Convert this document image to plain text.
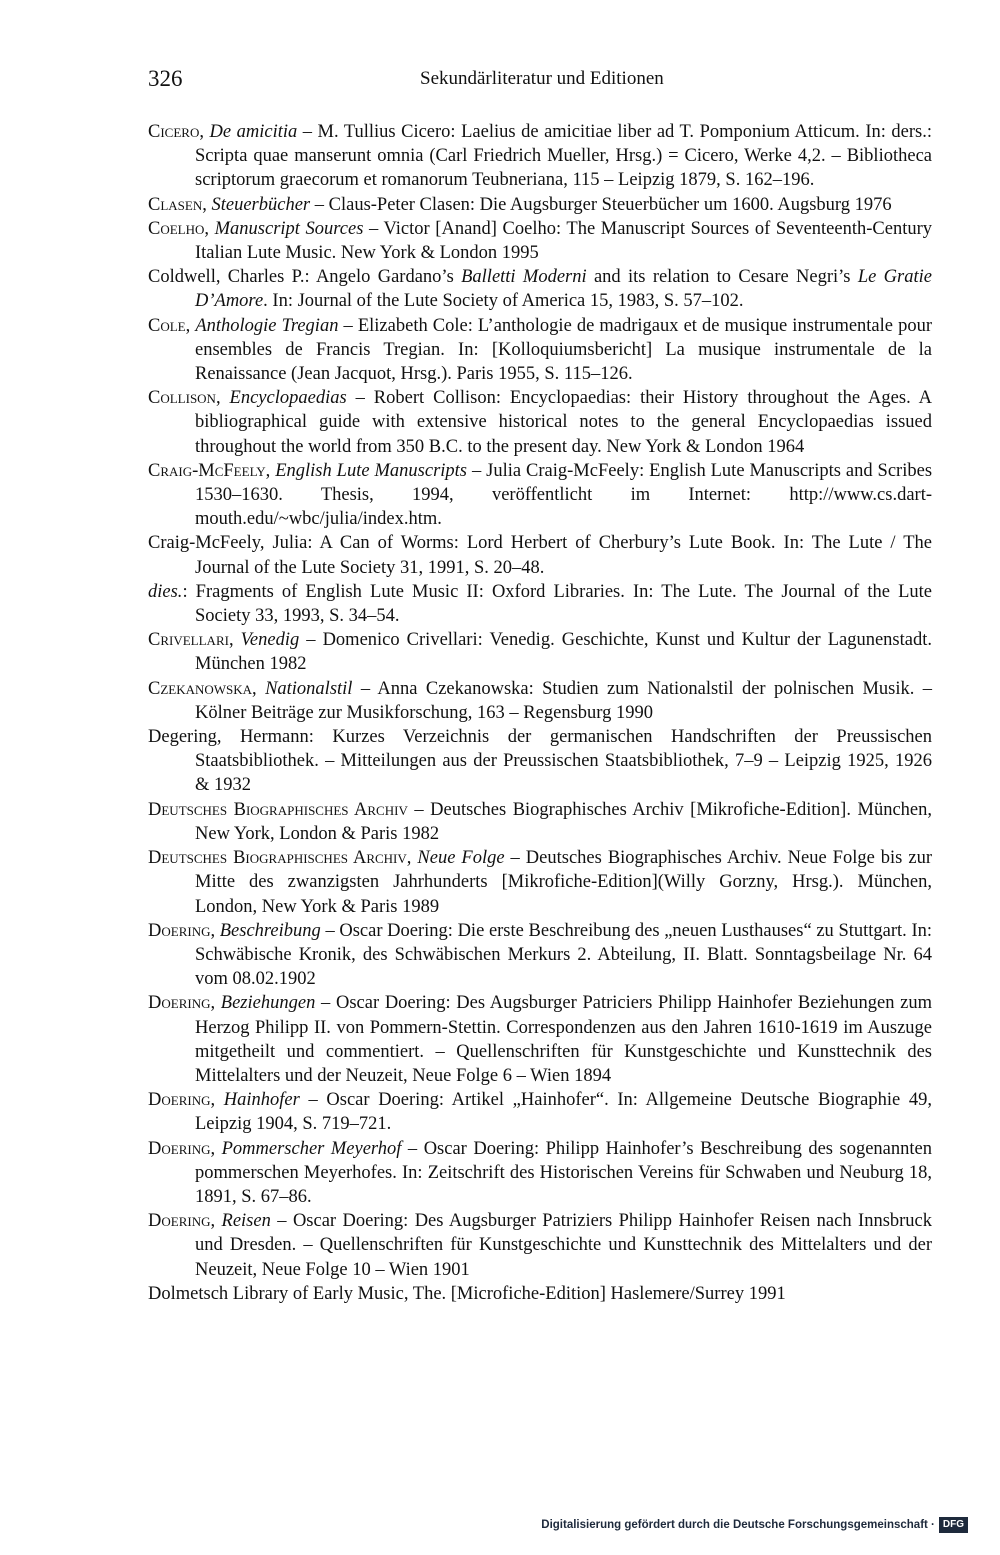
326	Sekundärliteratur und Editionen

Cicero, De amicitia – M. Tullius Cicero: Laelius de amicitiae liber ad T. Pomponium Atticum. In: ders.: Scripta quae manserunt omnia (Carl Friedrich Mueller, Hrsg.) = Cicero, Werke 4,2. – Bibliotheca scriptorum graecorum et romanorum Teubneriana, 115 – Leipzig 1879, S. 162–196.

Clasen, Steuerbücher – Claus-Peter Clasen: Die Augsburger Steuerbücher um 1600. Augsburg 1976

Coelho, Manuscript Sources – Victor [Anand] Coelho: The Manuscript Sources of Seventeenth-Century Italian Lute Music. New York & London 1995

Coldwell, Charles P.: Angelo Gardano’s Balletti Moderni and its relation to Cesare Negri’s Le Gratie D’Amore. In: Journal of the Lute Society of America 15, 1983, S. 57–102.

Cole, Anthologie Tregian – Elizabeth Cole: L’anthologie de madrigaux et de musique instrumentale pour ensembles de Francis Tregian. In: [Kolloquiumsbericht] La musique instrumentale de la Renaissance (Jean Jacquot, Hrsg.). Paris 1955, S. 115–126.

Collison, Encyclopaedias – Robert Collison: Encyclopaedias: their History throughout the Ages. A bibliographical guide with extensive historical notes to the general Encyclopaedias issued throughout the world from 350 B.C. to the present day. New York & London 1964

Craig-McFeely, English Lute Manuscripts – Julia Craig-McFeely: English Lute Manuscripts and Scribes 1530–1630. Thesis, 1994, veröffentlicht im Internet: http://www.cs.dart-mouth.edu/~wbc/julia/index.htm.

Craig-McFeely, Julia: A Can of Worms: Lord Herbert of Cherbury’s Lute Book. In: The Lute / The Journal of the Lute Society 31, 1991, S. 20–48.

dies.: Fragments of English Lute Music II: Oxford Libraries. In: The Lute. The Journal of the Lute Society 33, 1993, S. 34–54.

Crivellari, Venedig – Domenico Crivellari: Venedig. Geschichte, Kunst und Kultur der Lagunenstadt. München 1982

Czekanowska, Nationalstil – Anna Czekanowska: Studien zum Nationalstil der polnischen Musik. – Kölner Beiträge zur Musikforschung, 163 – Regensburg 1990

Degering, Hermann: Kurzes Verzeichnis der germanischen Handschriften der Preussischen Staatsbibliothek. – Mitteilungen aus der Preussischen Staatsbibliothek, 7–9 – Leipzig 1925, 1926 & 1932

Deutsches Biographisches Archiv – Deutsches Biographisches Archiv [Mikrofiche-Edition]. München, New York, London & Paris 1982

Deutsches Biographisches Archiv, Neue Folge – Deutsches Biographisches Archiv. Neue Folge bis zur Mitte des zwanzigsten Jahrhunderts [Mikrofiche-Edition](Willy Gorzny, Hrsg.). München, London, New York & Paris 1989

Doering, Beschreibung – Oscar Doering: Die erste Beschreibung des „neuen Lusthauses“ zu Stuttgart. In: Schwäbische Kronik, des Schwäbischen Merkurs 2. Abteilung, II. Blatt. Sonntagsbeilage Nr. 64 vom 08.02.1902

Doering, Beziehungen – Oscar Doering: Des Augsburger Patriciers Philipp Hainhofer Beziehungen zum Herzog Philipp II. von Pommern-Stettin. Correspondenzen aus den Jahren 1610-1619 im Auszuge mitgetheilt und commentiert. – Quellenschriften für Kunstgeschichte und Kunsttechnik des Mittelalters und der Neuzeit, Neue Folge 6 – Wien 1894

Doering, Hainhofer – Oscar Doering: Artikel „Hainhofer“. In: Allgemeine Deutsche Biographie 49, Leipzig 1904, S. 719–721.

Doering, Pommerscher Meyerhof – Oscar Doering: Philipp Hainhofer’s Beschreibung des sogenannten pommerschen Meyerhofes. In: Zeitschrift des Historischen Vereins für Schwaben und Neuburg 18, 1891, S. 67–86.

Doering, Reisen – Oscar Doering: Des Augsburger Patriziers Philipp Hainhofer Reisen nach Innsbruck und Dresden. – Quellenschriften für Kunstgeschichte und Kunsttechnik des Mittelalters und der Neuzeit, Neue Folge 10 – Wien 1901

Dolmetsch Library of Early Music, The. [Microfiche-Edition] Haslemere/Surrey 1991

Digitalisierung gefördert durch die Deutsche Forschungsgemeinschaft · DFG
